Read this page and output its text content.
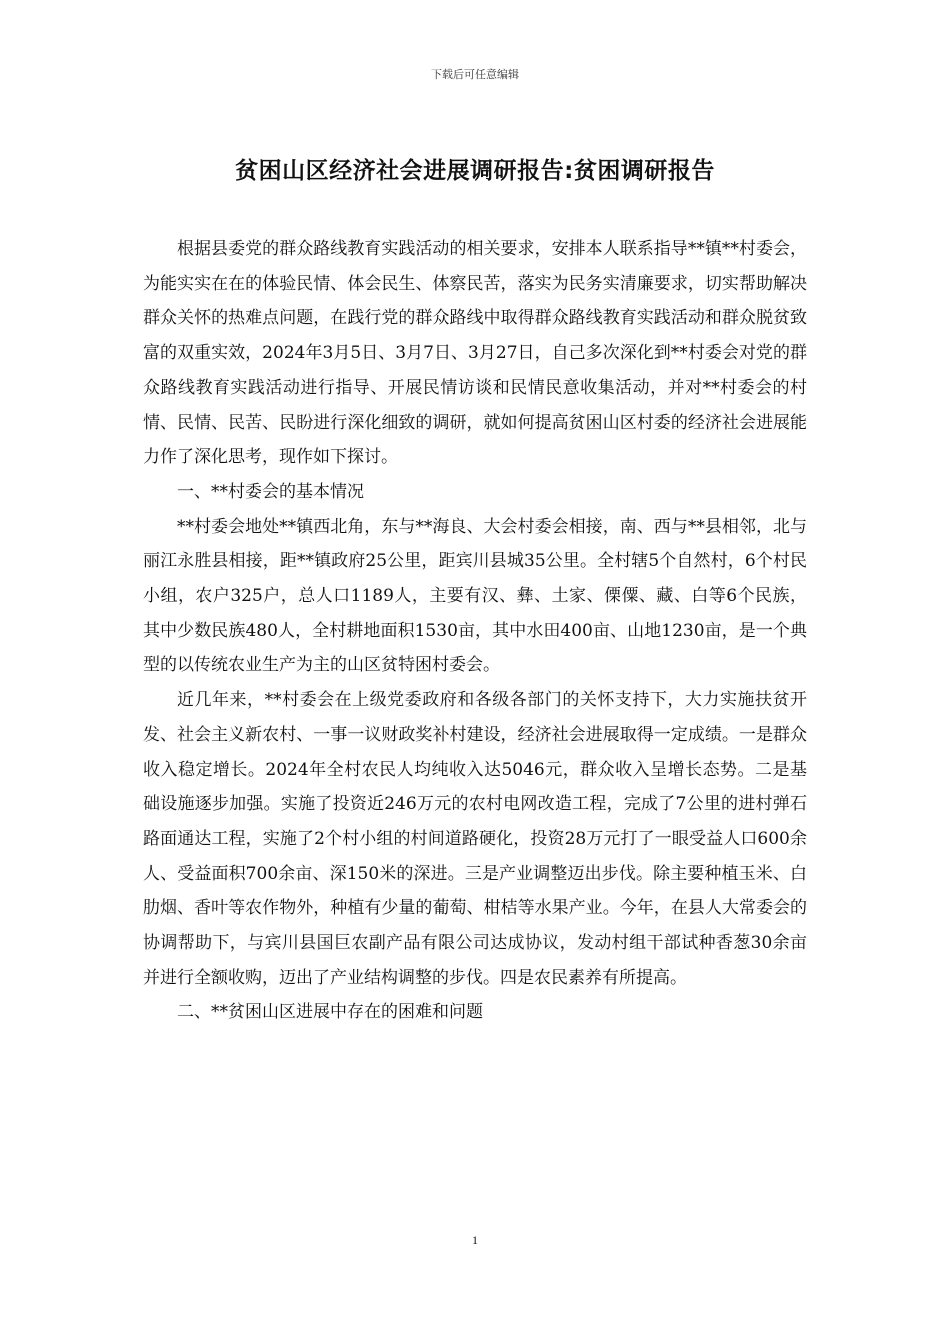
下载后可任意编辑
贫困山区经济社会进展调研报告:贫困调研报告

根据县委党的群众路线教育实践活动的相关要求，安排本人联系指导**镇**村委会，为能实实在在的体验民情、体会民生、体察民苦，落实为民务实清廉要求，切实帮助解决群众关怀的热难点问题，在践行党的群众路线中取得群众路线教育实践活动和群众脱贫致富的双重实效，2024年3月5日、3月7日、3月27日，自己多次深化到**村委会对党的群众路线教育实践活动进行指导、开展民情访谈和民情民意收集活动，并对**村委会的村情、民情、民苦、民盼进行深化细致的调研，就如何提高贫困山区村委的经济社会进展能力作了深化思考，现作如下探讨。

一、**村委会的基本情况

**村委会地处**镇西北角，东与**海良、大会村委会相接，南、西与**县相邻，北与丽江永胜县相接，距**镇政府25公里，距宾川县城35公里。全村辖5个自然村，6个村民小组，农户325户，总人口1189人，主要有汉、彝、土家、傈僳、藏、白等6个民族，其中少数民族480人，全村耕地面积1530亩，其中水田400亩、山地1230亩，是一个典型的以传统农业生产为主的山区贫特困村委会。

近几年来，**村委会在上级党委政府和各级各部门的关怀支持下，大力实施扶贫开发、社会主义新农村、一事一议财政奖补村建设，经济社会进展取得一定成绩。一是群众收入稳定增长。2024年全村农民人均纯收入达5046元，群众收入呈增长态势。二是基础设施逐步加强。实施了投资近246万元的农村电网改造工程，完成了7公里的进村弹石路面通达工程，实施了2个村小组的村间道路硬化，投资28万元打了一眼受益人口600余人、受益面积700余亩、深150米的深进。三是产业调整迈出步伐。除主要种植玉米、白肋烟、香叶等农作物外，种植有少量的葡萄、柑桔等水果产业。今年，在县人大常委会的协调帮助下，与宾川县国巨农副产品有限公司达成协议，发动村组干部试种香葱30余亩并进行全额收购，迈出了产业结构调整的步伐。四是农民素养有所提高。

二、**贫困山区进展中存在的困难和问题

1
